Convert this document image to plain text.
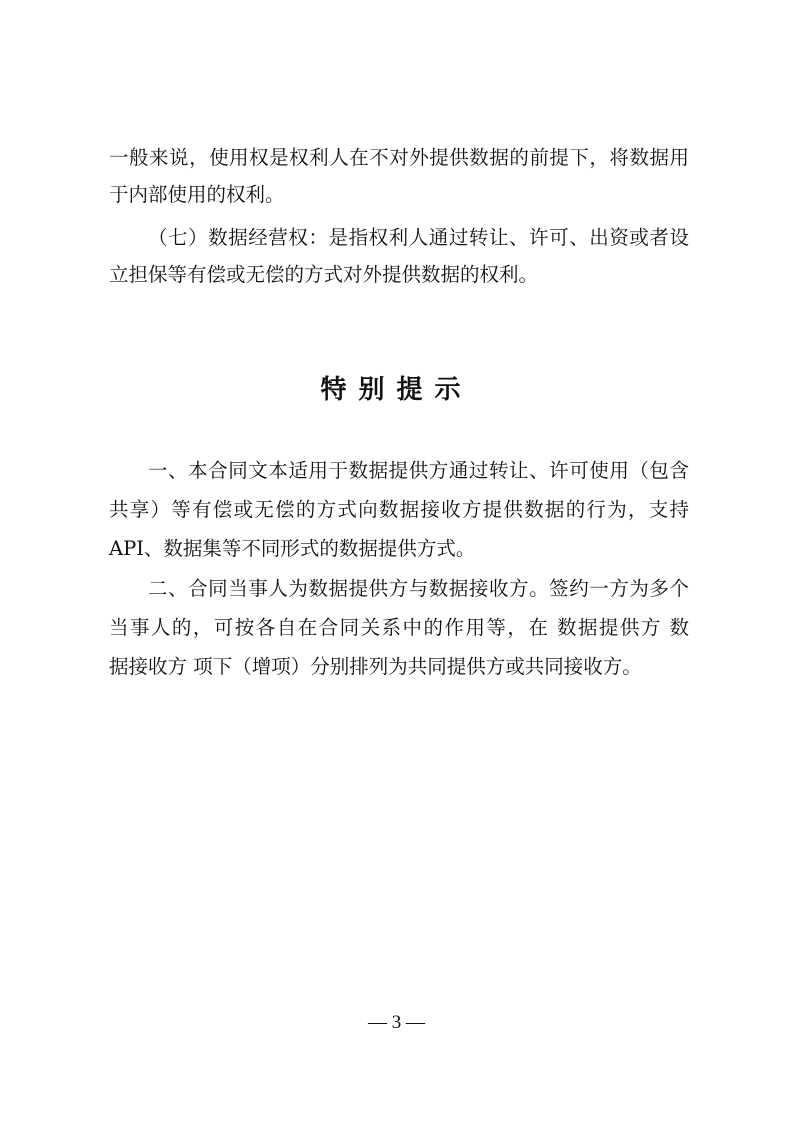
一般来说，使用权是权利人在不对外提供数据的前提下，将数据用
于内部使用的权利。
（七）数据经营权：是指权利人通过转让、许可、出资或者设
立担保等有偿或无偿的方式对外提供数据的权利。
特别提示
一、本合同文本适用于数据提供方通过转让、许可使用（包含
共享）等有偿或无偿的方式向数据接收方提供数据的行为，支持
API、数据集等不同形式的数据提供方式。
二、合同当事人为数据提供方与数据接收方。签约一方为多个
当事人的，可按各自在合同关系中的作用等，在 数据提供方 数
据接收方 项下（增项）分别排列为共同提供方或共同接收方。
— 3 —
